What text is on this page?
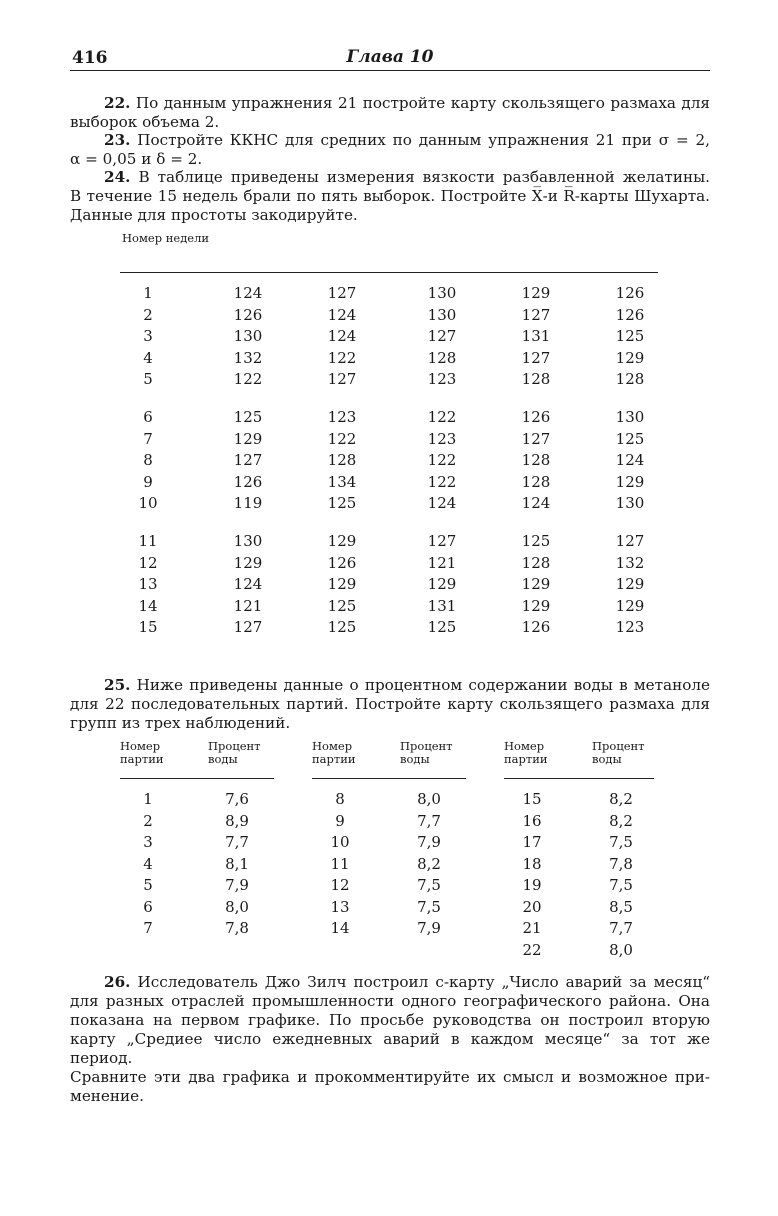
416	Глава 10
22. По данным упражнения 21 постройте карту скользящего размаха для
выборок объема 2.
23. Постройте ККНС для средних по данным упражнения 21 при σ = 2,
α = 0,05 и δ = 2.
24. В таблице приведены измерения вязкости разбавленной желатины.
В течение 15 недель брали по пять выборок. Постройте X̅-и R̅-карты Шухарта.
Данные для простоты закодируйте.
Номер недели
1	124	127	130	129	126
2	126	124	130	127	126
3	130	124	127	131	125
4	132	122	128	127	129
5	122	127	123	128	128
6	125	123	122	126	130
7	129	122	123	127	125
8	127	128	122	128	124
9	126	134	122	128	129
10	119	125	124	124	130
11	130	129	127	125	127
12	129	126	121	128	132
13	124	129	129	129	129
14	121	125	131	129	129
15	127	125	125	126	123
25. Ниже приведены данные о процентном содержании воды в метаноле
для 22 последовательных партий. Постройте карту скользящего размаха для
групп из трех наблюдений.
Номер партии
Процент воды
1	7,6
2	8,9
3	7,7
4	8,1
5	7,9
6	8,0
7	7,8
Номер партии
Процент воды
8	8,0
9	7,7
10	7,9
11	8,2
12	7,5
13	7,5
14	7,9
Номер партии
Процент воды
15	8,2
16	8,2
17	7,5
18	7,8
19	7,5
20	8,5
21	7,7
22	8,0
26. Исследователь Джо Зилч построил с-карту „Число аварий за месяц“
для разных отраслей промышленности одного географического района. Она
показана на первом графике. По просьбе руководства он построил вторую
карту „Средиее число ежедневных аварий в каждом месяце“ за тот же период.
Сравните эти два графика и прокомментируйте их смысл и возможное при-
менение.
